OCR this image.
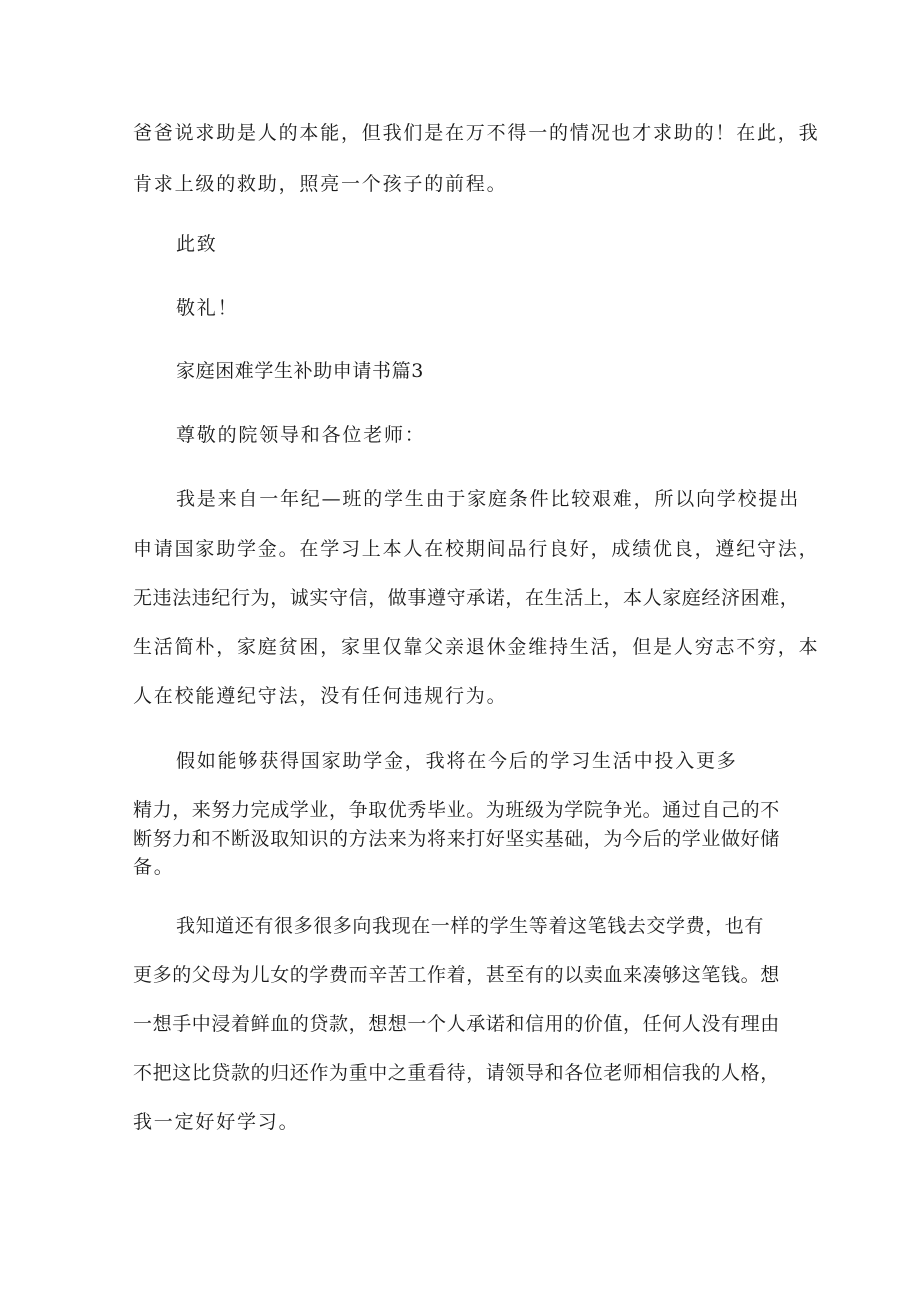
爸爸说求助是人的本能，但我们是在万不得一的情况也才求助的！在此，我
肯求上级的救助，照亮一个孩子的前程。
此致
敬礼！
家庭困难学生补助申请书篇3
尊敬的院领导和各位老师：
我是来自一年纪—班的学生由于家庭条件比较艰难，所以向学校提出
申请国家助学金。在学习上本人在校期间品行良好，成绩优良，遵纪守法，
无违法违纪行为，诚实守信，做事遵守承诺，在生活上，本人家庭经济困难，
生活简朴，家庭贫困，家里仅靠父亲退休金维持生活，但是人穷志不穷，本
人在校能遵纪守法，没有任何违规行为。
假如能够获得国家助学金，我将在今后的学习生活中投入更多
精力，来努力完成学业，争取优秀毕业。为班级为学院争光。通过自己的不
断努力和不断汲取知识的方法来为将来打好坚实基础，为今后的学业做好储
备。
我知道还有很多很多向我现在一样的学生等着这笔钱去交学费，也有
更多的父母为儿女的学费而辛苦工作着，甚至有的以卖血来凑够这笔钱。想
一想手中浸着鲜血的贷款，想想一个人承诺和信用的价值，任何人没有理由
不把这比贷款的归还作为重中之重看待，请领导和各位老师相信我的人格，
我一定好好学习。
